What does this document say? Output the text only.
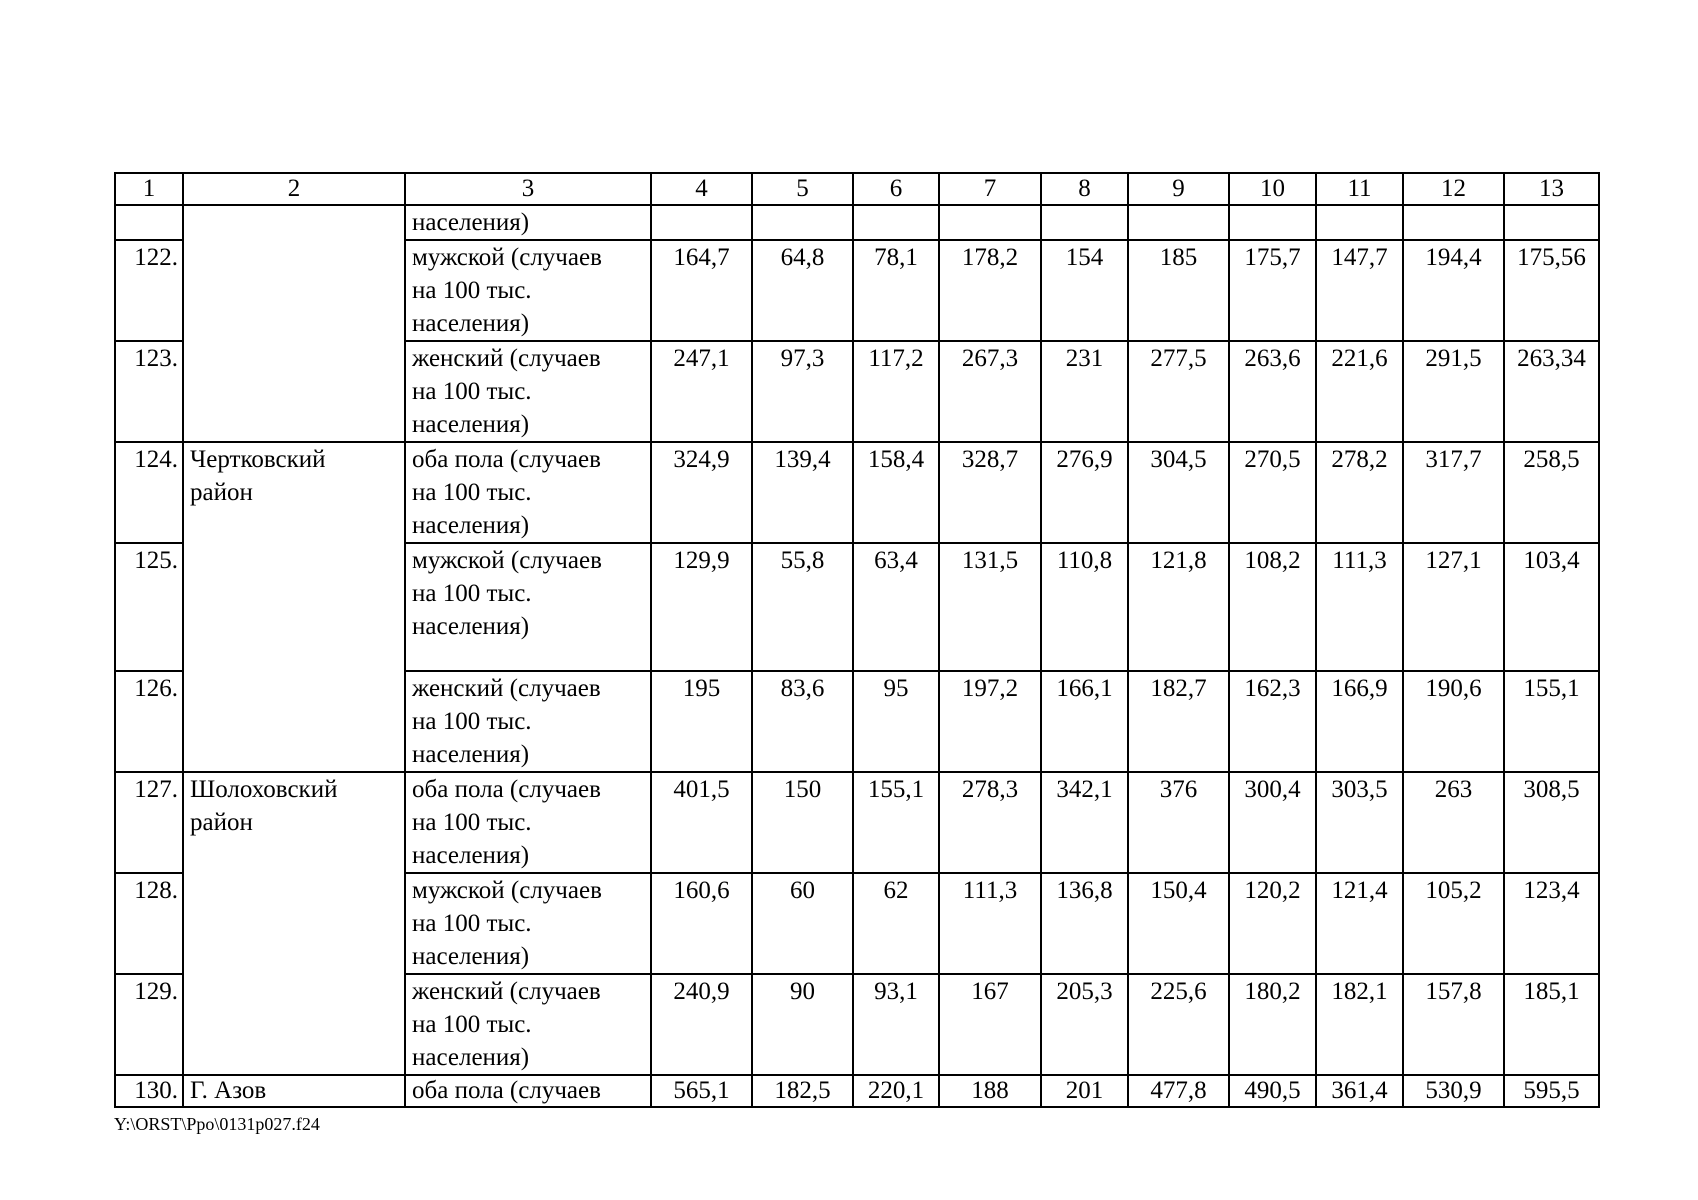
1	2	3	4	5	6	7	8	9	10	11	12	13
		населения)										
122.		мужской (случаев
на 100 тыс.
населения)	164,7	64,8	78,1	178,2	154	185	175,7	147,7	194,4	175,56
123.		женский (случаев
на 100 тыс.
населения)	247,1	97,3	117,2	267,3	231	277,5	263,6	221,6	291,5	263,34
124.	Чертковский
район	оба пола (случаев
на 100 тыс.
населения)	324,9	139,4	158,4	328,7	276,9	304,5	270,5	278,2	317,7	258,5
125.		мужской (случаев
на 100 тыс.
населения)	129,9	55,8	63,4	131,5	110,8	121,8	108,2	111,3	127,1	103,4
126.		женский (случаев
на 100 тыс.
населения)	195	83,6	95	197,2	166,1	182,7	162,3	166,9	190,6	155,1
127.	Шолоховский
район	оба пола (случаев
на 100 тыс.
населения)	401,5	150	155,1	278,3	342,1	376	300,4	303,5	263	308,5
128.		мужской (случаев
на 100 тыс.
населения)	160,6	60	62	111,3	136,8	150,4	120,2	121,4	105,2	123,4
129.		женский (случаев
на 100 тыс.
населения)	240,9	90	93,1	167	205,3	225,6	180,2	182,1	157,8	185,1
130.	Г. Азов	оба пола (случаев	565,1	182,5	220,1	188	201	477,8	490,5	361,4	530,9	595,5
Y:\ORST\Ppo\0131p027.f24
